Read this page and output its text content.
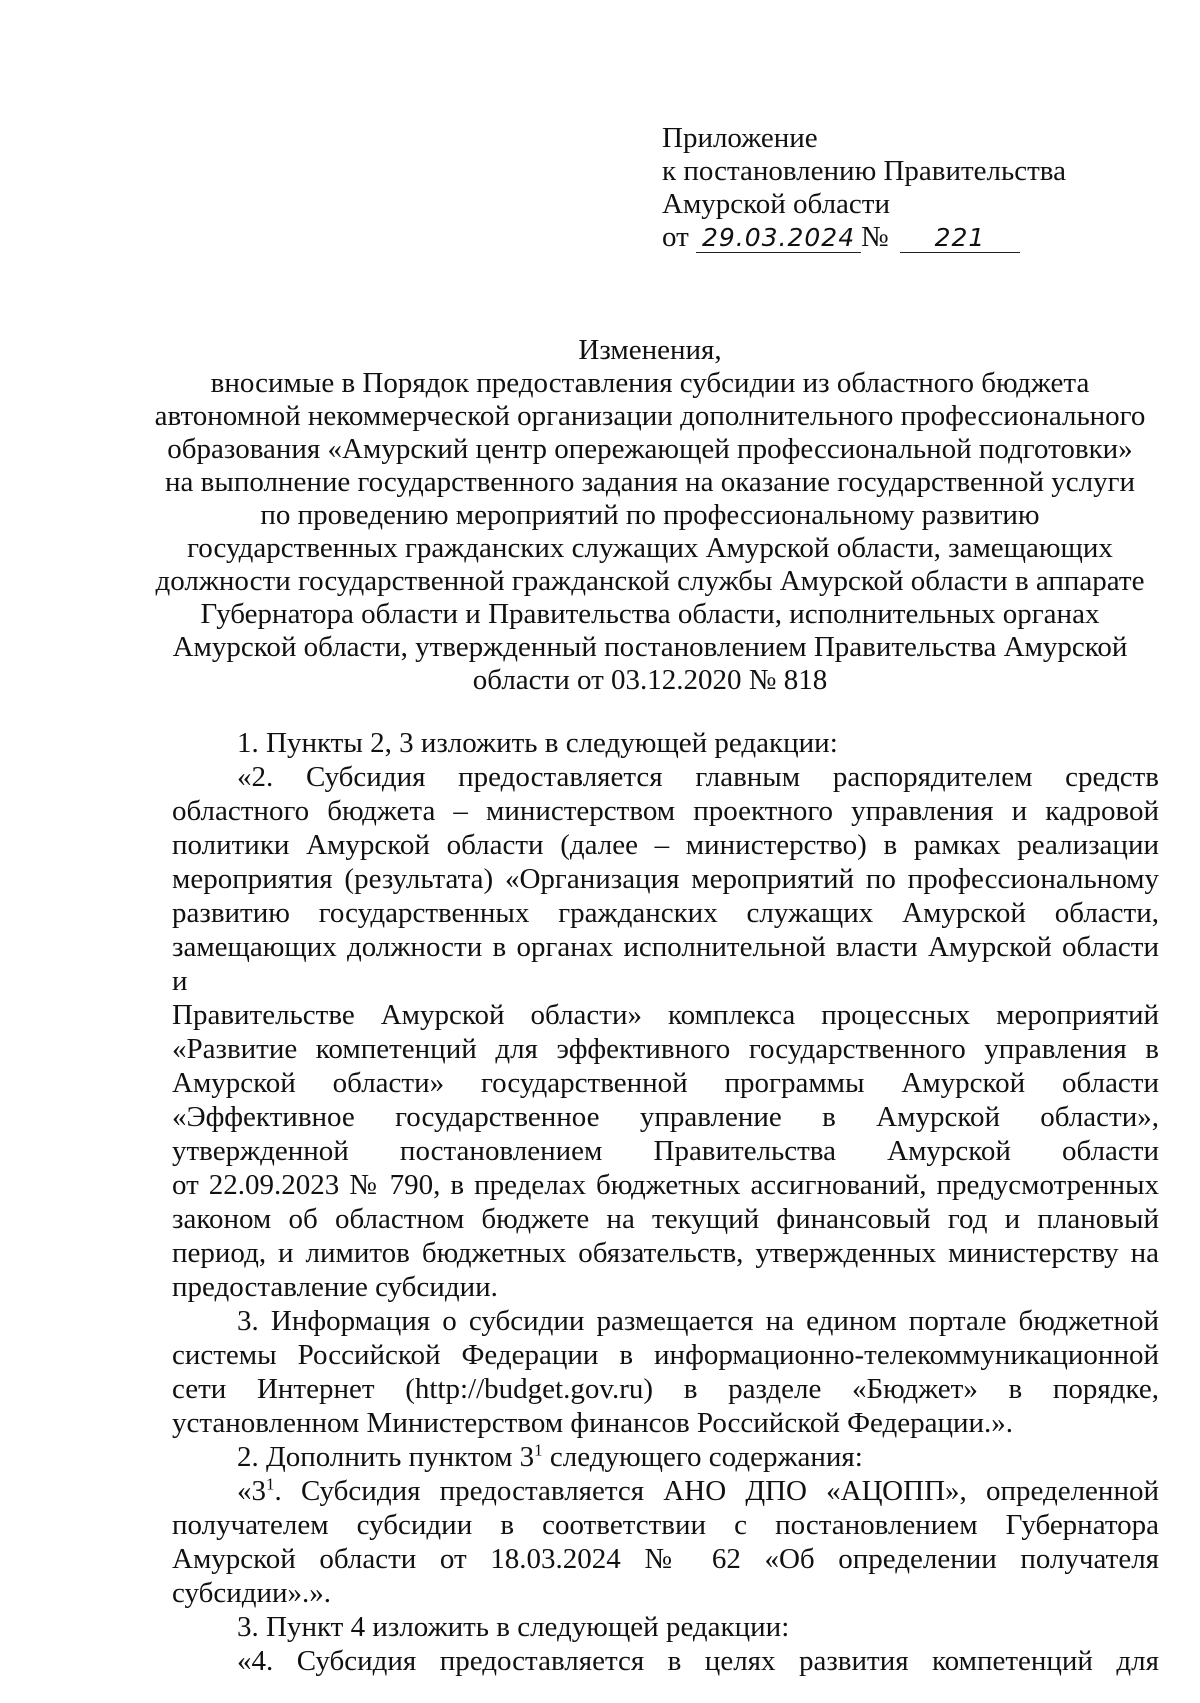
Приложение
к постановлению Правительства
Амурской области
от 29.03.2024 № 221
Изменения,
вносимые в Порядок предоставления субсидии из областного бюджета
автономной некоммерческой организации дополнительного профессионального
образования «Амурский центр опережающей профессиональной подготовки»
на выполнение государственного задания на оказание государственной услуги
по проведению мероприятий по профессиональному развитию
государственных гражданских служащих Амурской области, замещающих
должности государственной гражданской службы Амурской области в аппарате
Губернатора области и Правительства области, исполнительных органах
Амурской области, утвержденный постановлением Правительства Амурской
области от 03.12.2020 № 818
1. Пункты 2, 3 изложить в следующей редакции:
«2. Субсидия предоставляется главным распорядителем средств
областного бюджета – министерством проектного управления и кадровой
политики Амурской области (далее – министерство) в рамках реализации
мероприятия (результата) «Организация мероприятий по профессиональному
развитию государственных гражданских служащих Амурской области,
замещающих должности в органах исполнительной власти Амурской области и
Правительстве Амурской области» комплекса процессных мероприятий
«Развитие компетенций для эффективного государственного управления в
Амурской области» государственной программы Амурской области
«Эффективное государственное управление в Амурской области»,
утвержденной постановлением Правительства Амурской области
от 22.09.2023 № 790, в пределах бюджетных ассигнований, предусмотренных
законом об областном бюджете на текущий финансовый год и плановый
период, и лимитов бюджетных обязательств, утвержденных министерству на
предоставление субсидии.
3. Информация о субсидии размещается на едином портале бюджетной
системы Российской Федерации в информационно-телекоммуникационной
сети Интернет (http://budget.gov.ru) в разделе «Бюджет» в порядке,
установленном Министерством финансов Российской Федерации.».
2. Дополнить пунктом $3^1$ следующего содержания:
«$3^1$. Субсидия предоставляется АНО ДПО «АЦОПП», определенной
получателем субсидии в соответствии с постановлением Губернатора
Амурской области от 18.03.2024 № 62 «Об определении получателя
субсидии».».
3. Пункт 4 изложить в следующей редакции:
«4. Субсидия предоставляется в целях развития компетенций для
